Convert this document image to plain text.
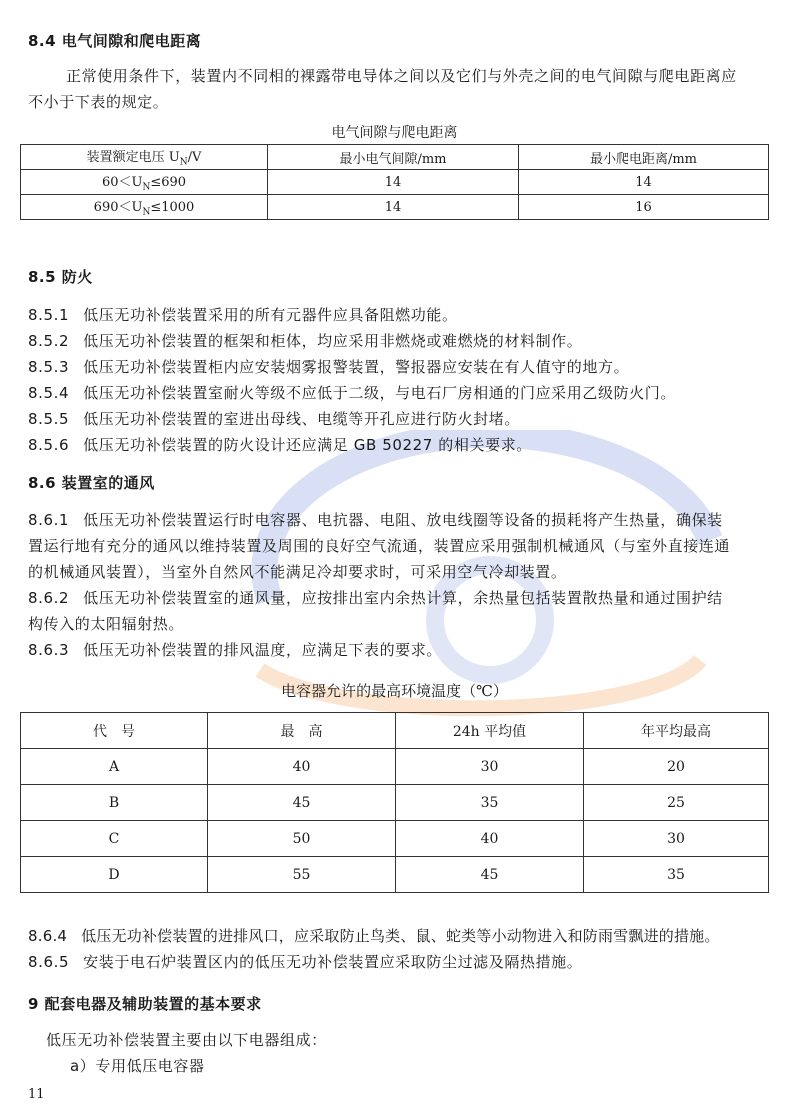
8.4 电气间隙和爬电距离
正常使用条件下，装置内不同相的裸露带电导体之间以及它们与外壳之间的电气间隙与爬电距离应
不小于下表的规定。
电气间隙与爬电距离
装置额定电压 $U_N/V$	最小电气间隙/mm	最小爬电距离/mm
$60<U_N\le 690$	14	14
$690<U_N\le 1000$	14	16
8.5 防火
8.5.1 低压无功补偿装置采用的所有元器件应具备阻燃功能。
8.5.2 低压无功补偿装置的框架和柜体，均应采用非燃烧或难燃烧的材料制作。
8.5.3 低压无功补偿装置柜内应安装烟雾报警装置，警报器应安装在有人值守的地方。
8.5.4 低压无功补偿装置室耐火等级不应低于二级，与电石厂房相通的门应采用乙级防火门。
8.5.5 低压无功补偿装置的室进出母线、电缆等开孔应进行防火封堵。
8.5.6 低压无功补偿装置的防火设计还应满足 GB 50227 的相关要求。
8.6 装置室的通风
8.6.1 低压无功补偿装置运行时电容器、电抗器、电阻、放电线圈等设备的损耗将产生热量，确保装
置运行地有充分的通风以维持装置及周围的良好空气流通，装置应采用强制机械通风（与室外直接连通
的机械通风装置），当室外自然风不能满足冷却要求时，可采用空气冷却装置。
8.6.2 低压无功补偿装置室的通风量，应按排出室内余热计算，余热量包括装置散热量和通过围护结
构传入的太阳辐射热。
8.6.3 低压无功补偿装置的排风温度，应满足下表的要求。
电容器允许的最高环境温度（℃）
代　号	最　高	24h 平均值	年平均最高
A	40	30	20
B	45	35	25
C	50	40	30
D	55	45	35
8.6.4 低压无功补偿装置的进排风口，应采取防止鸟类、鼠、蛇类等小动物进入和防雨雪飘进的措施。
8.6.5 安装于电石炉装置区内的低压无功补偿装置应采取防尘过滤及隔热措施。
9 配套电器及辅助装置的基本要求
低压无功补偿装置主要由以下电器组成：
a）专用低压电容器
11
